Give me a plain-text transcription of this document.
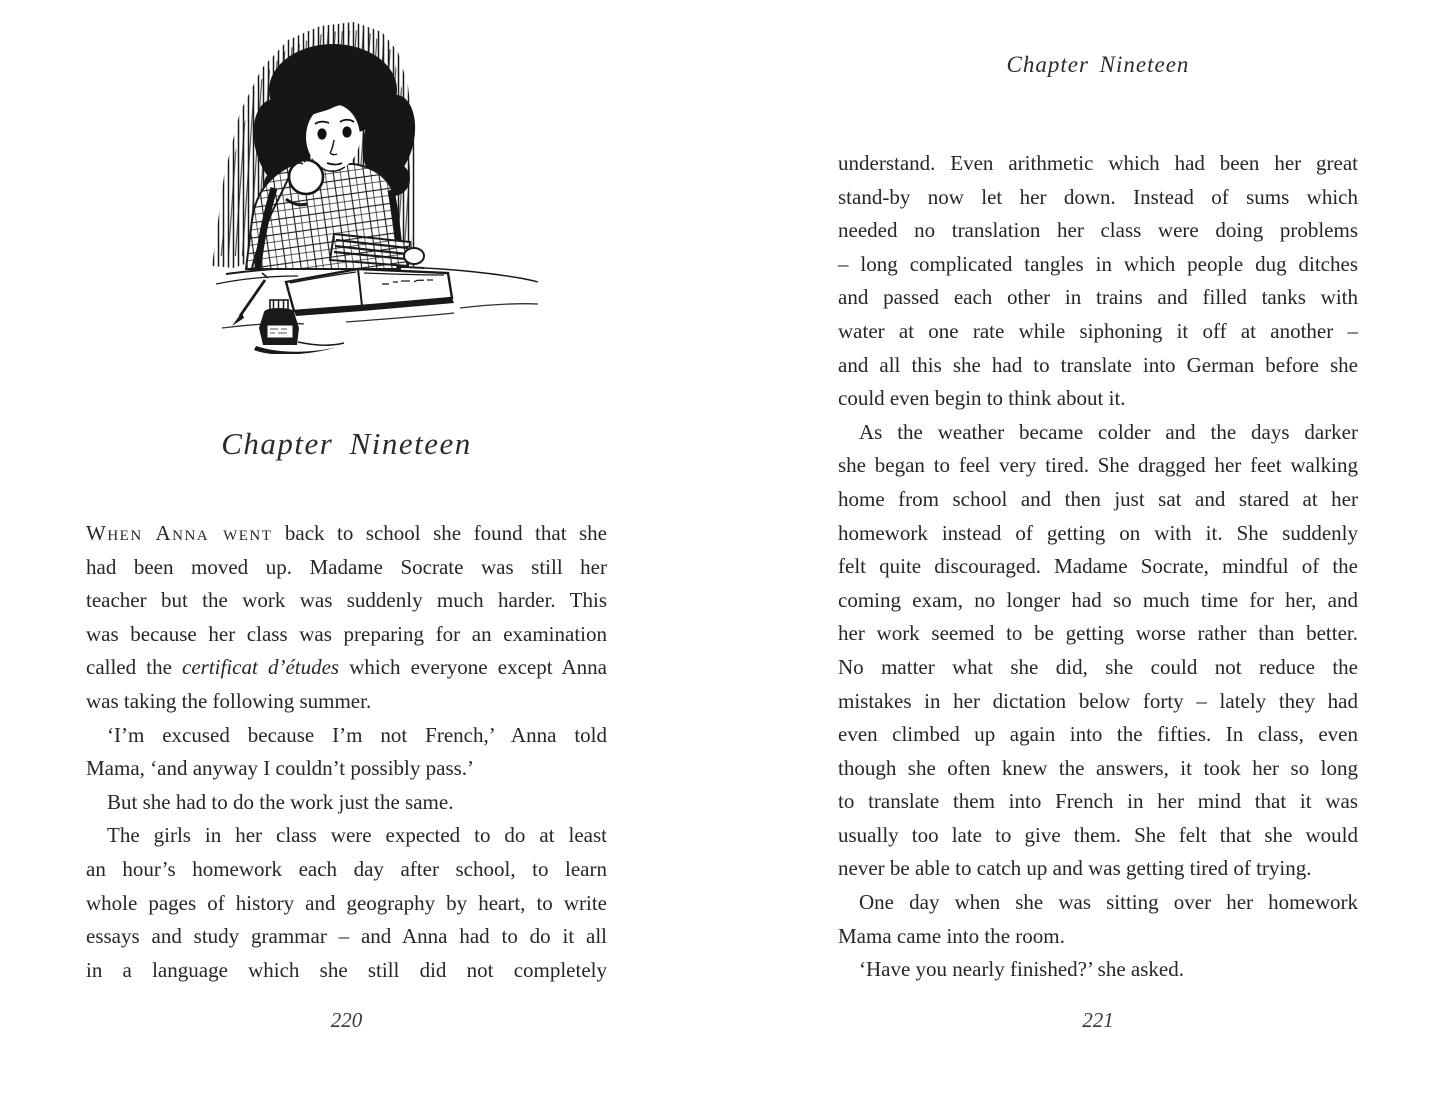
Chapter Nineteen
When Anna went back to school she found that she
had been moved up. Madame Socrate was still her
teacher but the work was suddenly much harder. This
was because her class was preparing for an examination
called the certificat d’études which everyone except Anna
was taking the following summer.
‘I’m excused because I’m not French,’ Anna told
Mama, ‘and anyway I couldn’t possibly pass.’
But she had to do the work just the same.
The girls in her class were expected to do at least
an hour’s homework each day after school, to learn
whole pages of history and geography by heart, to write
essays and study grammar – and Anna had to do it all
in a language which she still did not completely
220
Chapter Nineteen
understand. Even arithmetic which had been her great
stand-by now let her down. Instead of sums which
needed no translation her class were doing problems
– long complicated tangles in which people dug ditches
and passed each other in trains and filled tanks with
water at one rate while siphoning it off at another –
and all this she had to translate into German before she
could even begin to think about it.
As the weather became colder and the days darker
she began to feel very tired. She dragged her feet walking
home from school and then just sat and stared at her
homework instead of getting on with it. She suddenly
felt quite discouraged. Madame Socrate, mindful of the
coming exam, no longer had so much time for her, and
her work seemed to be getting worse rather than better.
No matter what she did, she could not reduce the
mistakes in her dictation below forty – lately they had
even climbed up again into the fifties. In class, even
though she often knew the answers, it took her so long
to translate them into French in her mind that it was
usually too late to give them. She felt that she would
never be able to catch up and was getting tired of trying.
One day when she was sitting over her homework
Mama came into the room.
‘Have you nearly finished?’ she asked.
221
